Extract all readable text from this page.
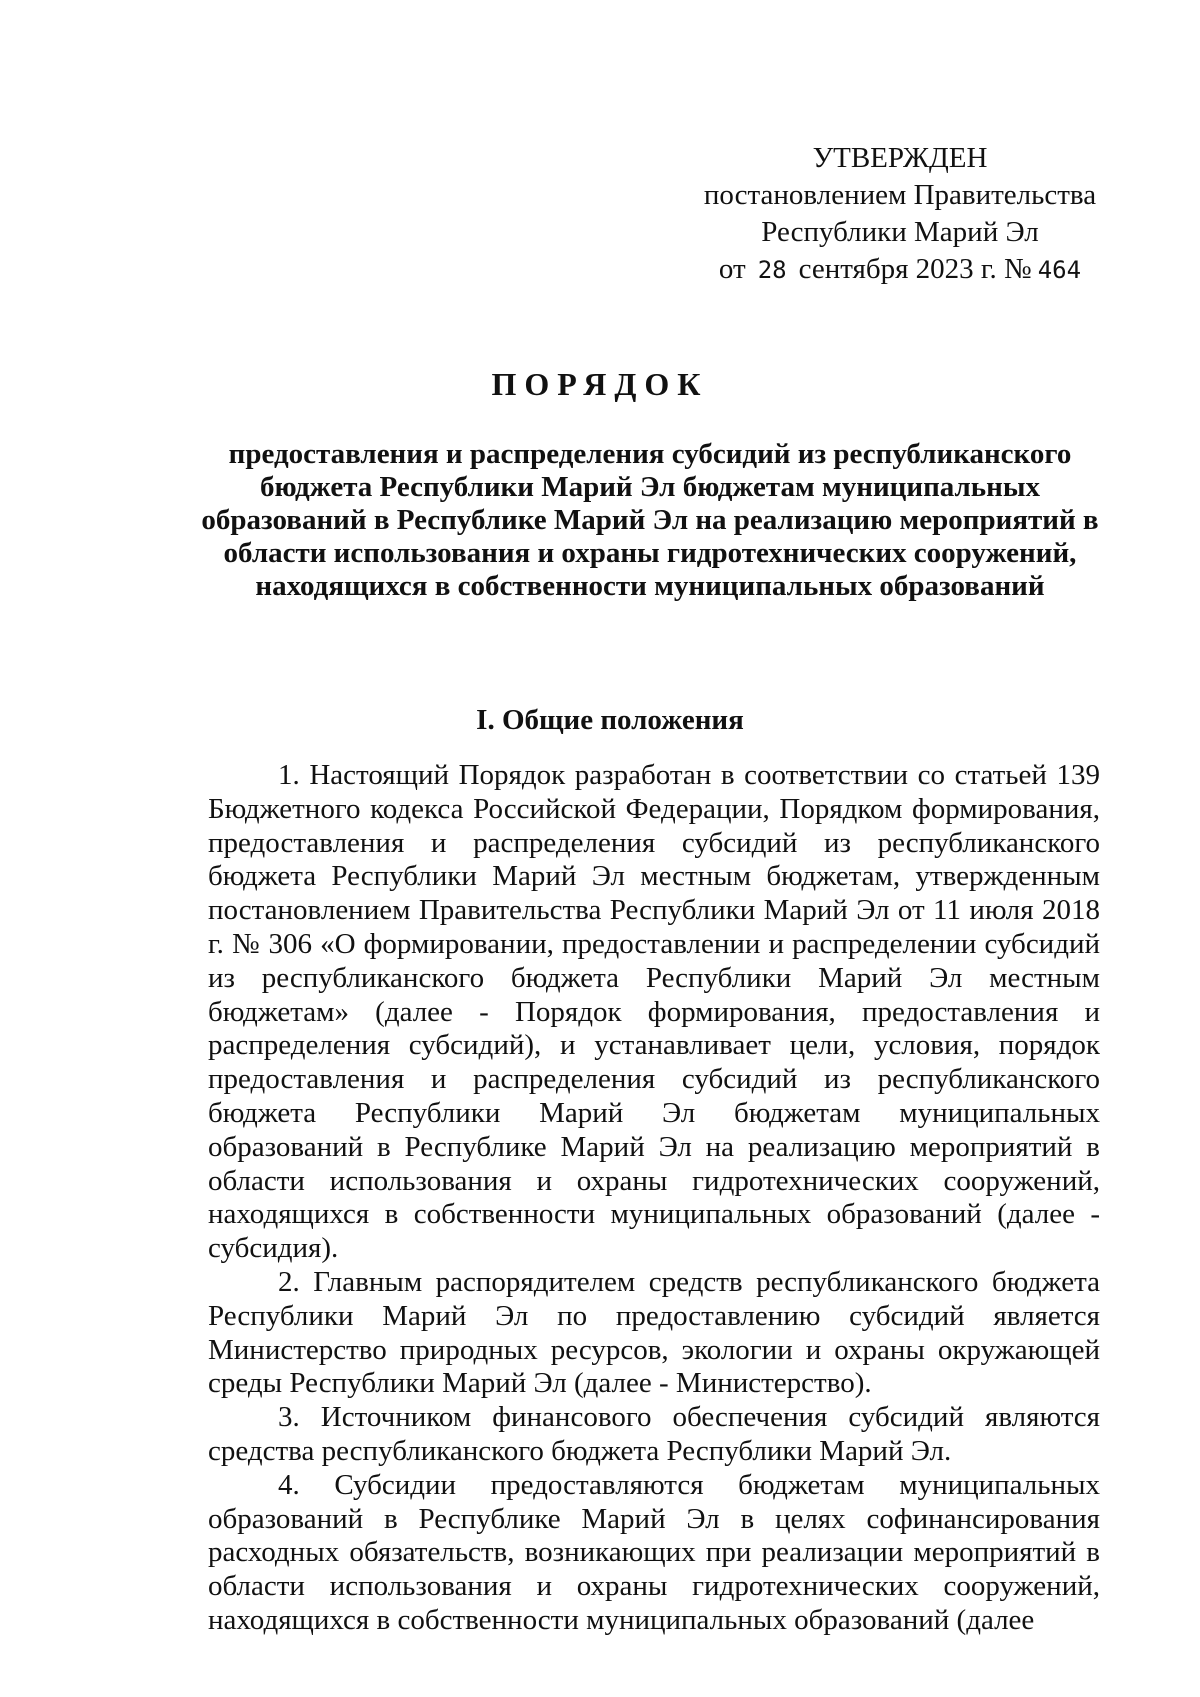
УТВЕРЖДЕН
постановлением Правительства
Республики Марий Эл
от 28 сентября 2023 г. № 464
ПОРЯДОК

предоставления и распределения субсидий из республиканского бюджета Республики Марий Эл бюджетам муниципальных образований в Республике Марий Эл на реализацию мероприятий в области использования и охраны гидротехнических сооружений, находящихся в собственности муниципальных образований

I. Общие положения

1. Настоящий Порядок разработан в соответствии со статьей 139 Бюджетного кодекса Российской Федерации, Порядком формирования, предоставления и распределения субсидий из республиканского бюджета Республики Марий Эл местным бюджетам, утвержденным постановлением Правительства Республики Марий Эл от 11 июля 2018 г. № 306 «О формировании, предоставлении и распределении субсидий из республиканского бюджета Республики Марий Эл местным бюджетам» (далее - Порядок формирования, предоставления и распределения субсидий), и устанавливает цели, условия, порядок предоставления и распределения субсидий из республиканского бюджета Республики Марий Эл бюджетам муниципальных образований в Республике Марий Эл на реализацию мероприятий в области использования и охраны гидротехнических сооружений, находящихся в собственности муниципальных образований (далее - субсидия).

2. Главным распорядителем средств республиканского бюджета Республики Марий Эл по предоставлению субсидий является Министерство природных ресурсов, экологии и охраны окружающей среды Республики Марий Эл (далее - Министерство).

3. Источником финансового обеспечения субсидий являются средства республиканского бюджета Республики Марий Эл.

4. Субсидии предоставляются бюджетам муниципальных образований в Республике Марий Эл в целях софинансирования расходных обязательств, возникающих при реализации мероприятий в области использования и охраны гидротехнических сооружений, находящихся в собственности муниципальных образований (далее
